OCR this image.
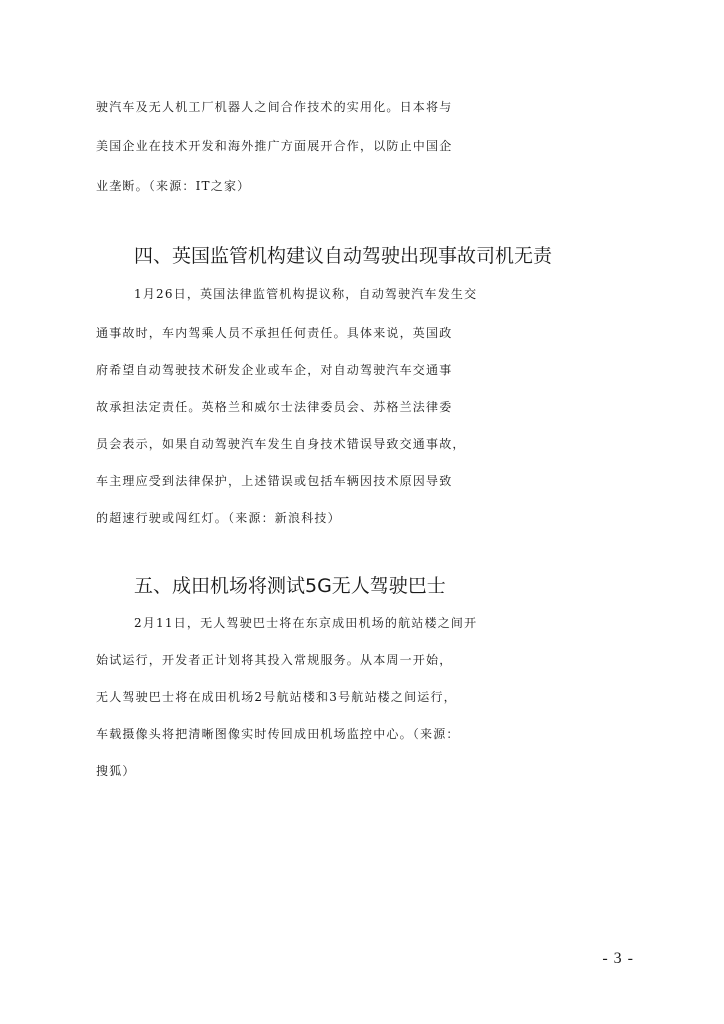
驶汽车及无人机工厂机器人之间合作技术的实用化。日本将与
美国企业在技术开发和海外推广方面展开合作，以防止中国企
业垄断。（来源：IT之家）
四、英国监管机构建议自动驾驶出现事故司机无责
1月26日，英国法律监管机构提议称，自动驾驶汽车发生交
通事故时，车内驾乘人员不承担任何责任。具体来说，英国政
府希望自动驾驶技术研发企业或车企，对自动驾驶汽车交通事
故承担法定责任。英格兰和威尔士法律委员会、苏格兰法律委
员会表示，如果自动驾驶汽车发生自身技术错误导致交通事故，
车主理应受到法律保护，上述错误或包括车辆因技术原因导致
的超速行驶或闯红灯。（来源：新浪科技）
五、成田机场将测试5G无人驾驶巴士
2月11日，无人驾驶巴士将在东京成田机场的航站楼之间开
始试运行，开发者正计划将其投入常规服务。从本周一开始，
无人驾驶巴士将在成田机场2号航站楼和3号航站楼之间运行，
车载摄像头将把清晰图像实时传回成田机场监控中心。（来源：
搜狐）
- 3 -
